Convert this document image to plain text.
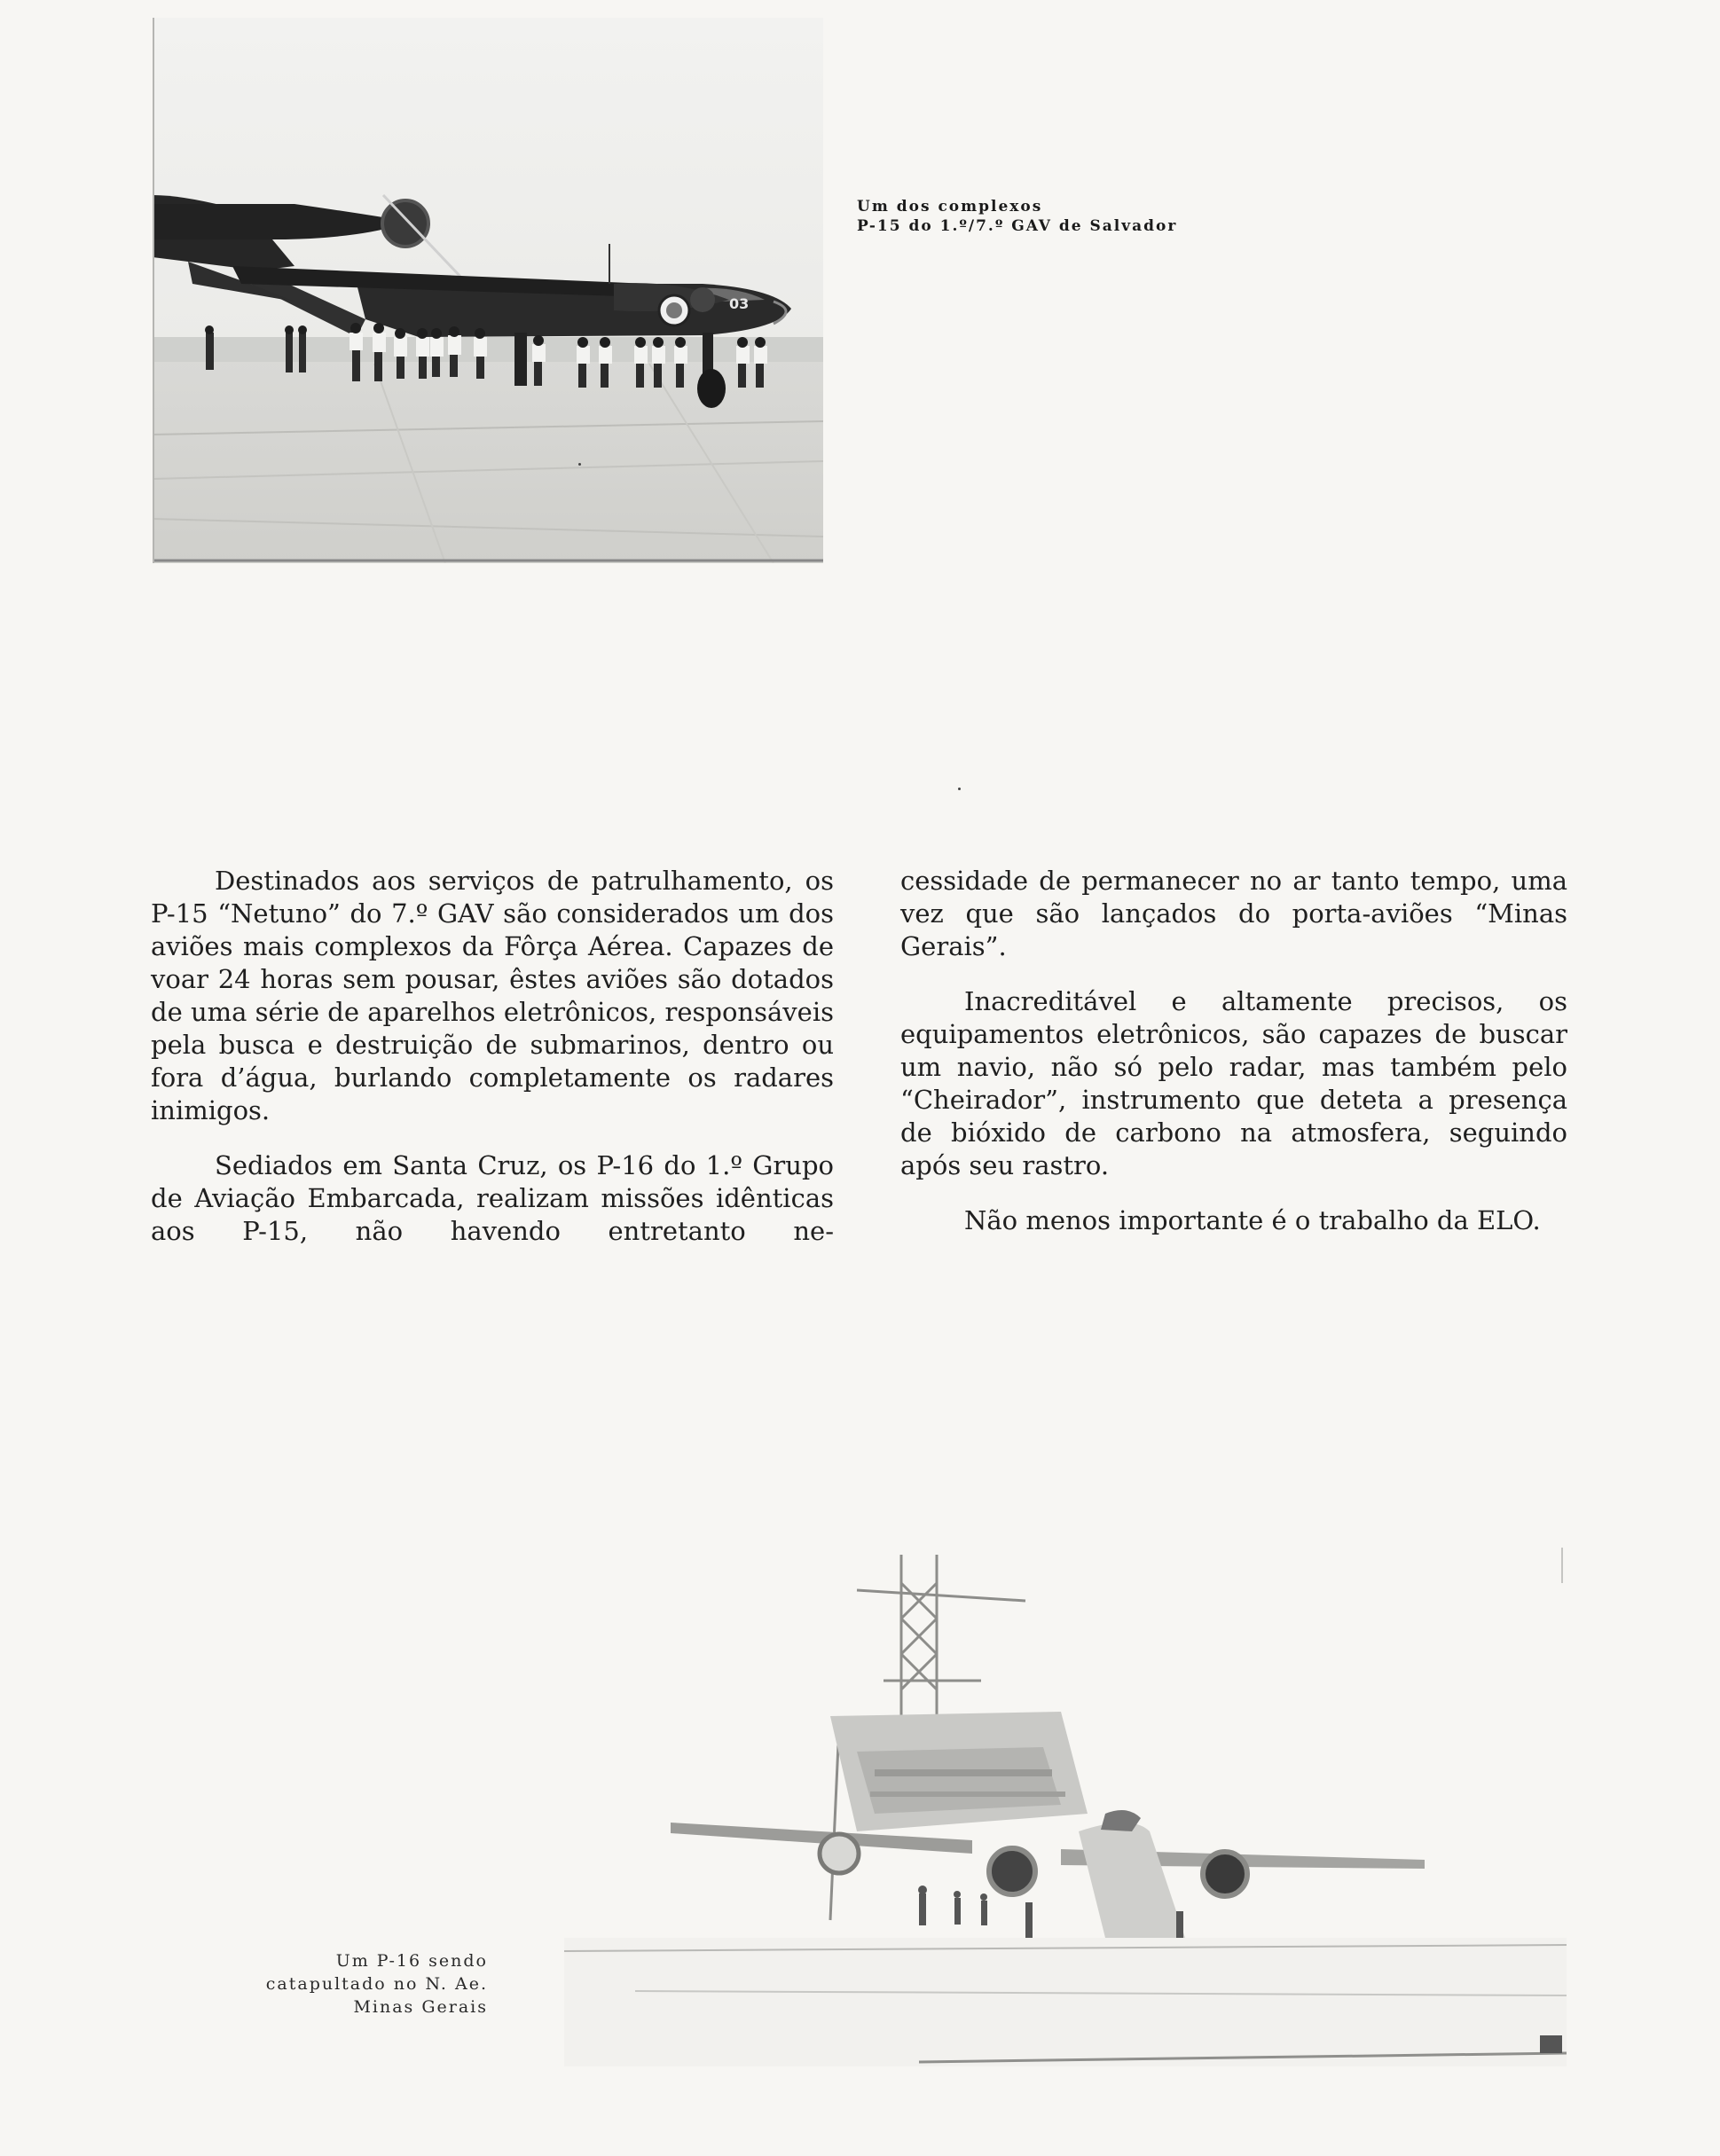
03
Um dos complexos
P-15 do 1.º/7.º GAV de Salvador

Destinados aos serviços de patrulhamento, os P-15 “Netuno” do 7.º GAV são considerados um dos aviões mais complexos da Fôrça Aérea. Capazes de voar 24 horas sem pousar, êstes aviões são dotados de uma série de aparelhos eletrônicos, responsáveis pela busca e destruição de submarinos, dentro ou fora d’água, burlando completamente os radares inimigos.

Sediados em Santa Cruz, os P-16 do 1.º Grupo de Aviação Embarcada, realizam missões idênticas aos P-15, não havendo entretanto ne-

cessidade de permanecer no ar tanto tempo, uma vez que são lançados do porta-aviões “Minas Gerais”.

Inacreditável e altamente precisos, os equipamentos eletrônicos, são capazes de buscar um navio, não só pelo radar, mas também pelo “Cheirador”, instrumento que deteta a presença de bióxido de carbono na atmosfera, seguindo após seu rastro.

Não menos importante é o trabalho da ELO.

Um P-16 sendo
catapultado no N. Ae.
Minas Gerais
